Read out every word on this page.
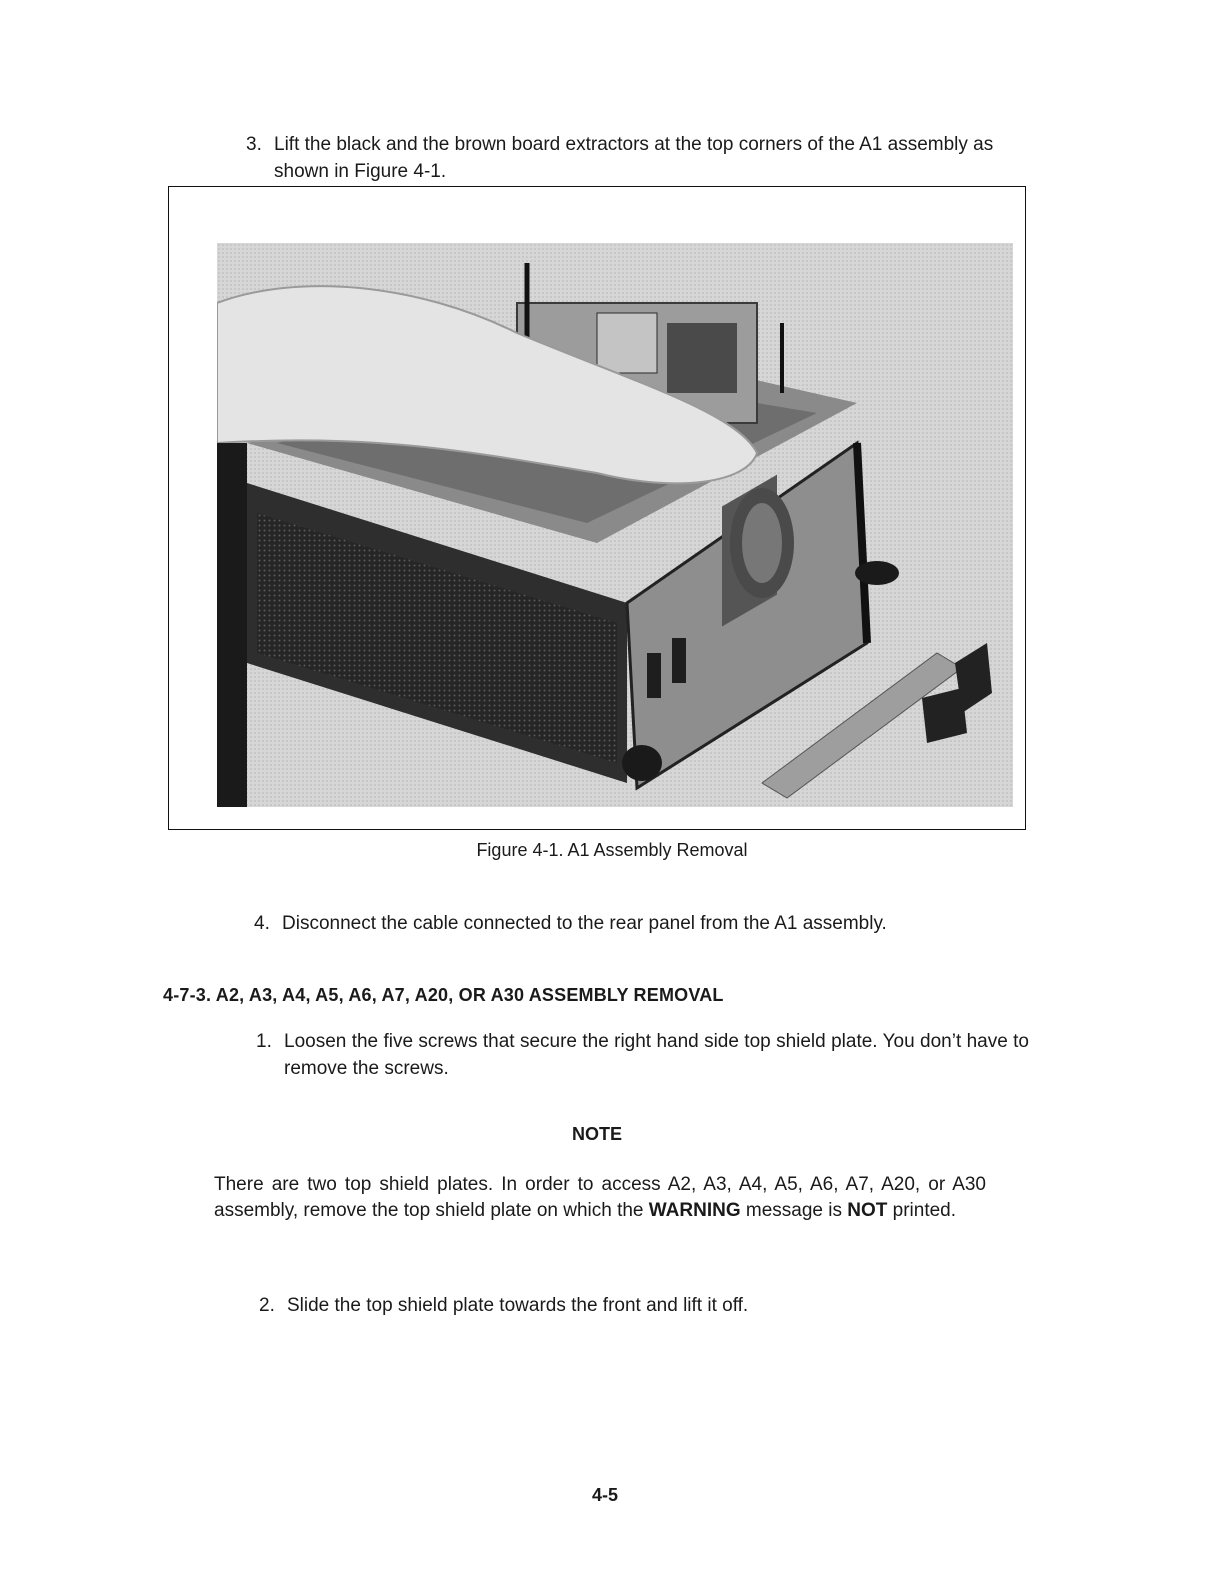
3. Lift the black and the brown board extractors at the top corners of the A1 assembly as shown in Figure 4-1.
Figure 4-1. A1 Assembly Removal
4. Disconnect the cable connected to the rear panel from the A1 assembly.
4-7-3. A2, A3, A4, A5, A6, A7, A20, OR A30 ASSEMBLY REMOVAL
1. Loosen the five screws that secure the right hand side top shield plate. You don’t have to remove the screws.
NOTE
There are two top shield plates. In order to access A2, A3, A4, A5, A6, A7, A20, or A30 assembly, remove the top shield plate on which the WARNING message is NOT printed.
2. Slide the top shield plate towards the front and lift it off.
4-5
